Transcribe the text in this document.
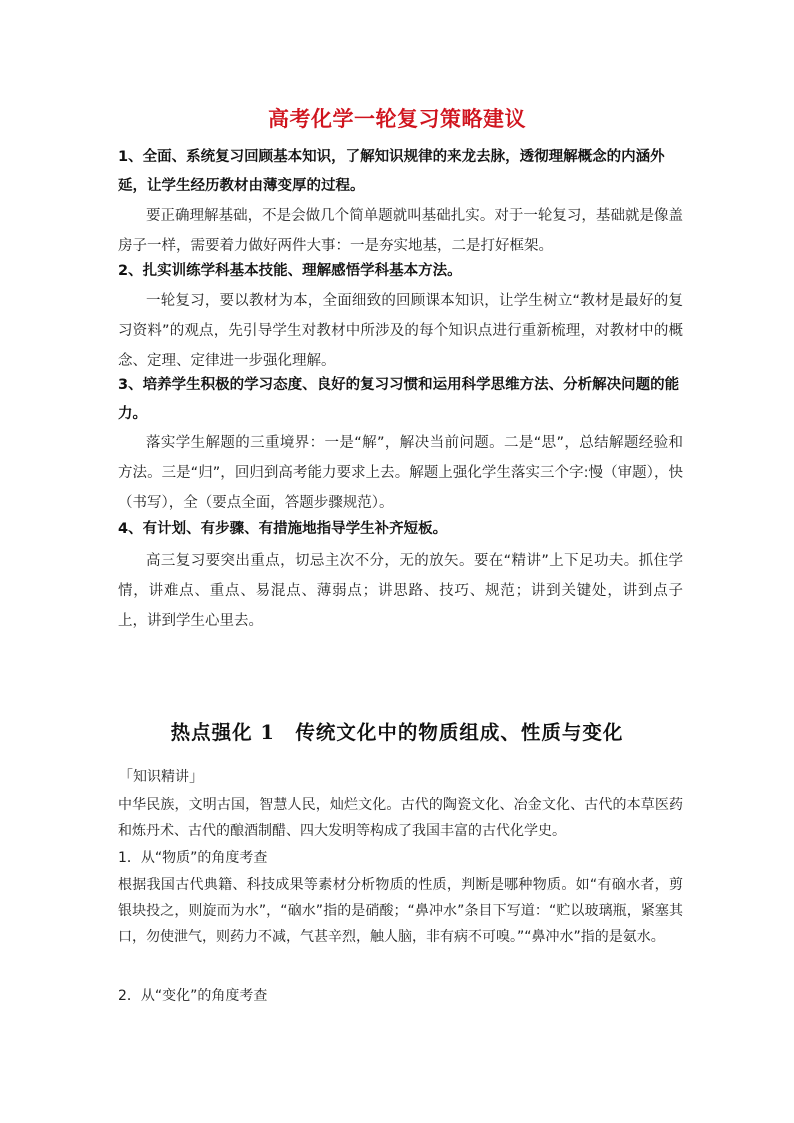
高考化学一轮复习策略建议
1、全面、系统复习回顾基本知识，了解知识规律的来龙去脉，透彻理解概念的内涵外延，让学生经历教材由薄变厚的过程。
要正确理解基础，不是会做几个简单题就叫基础扎实。对于一轮复习，基础就是像盖房子一样，需要着力做好两件大事：一是夯实地基，二是打好框架。
2、扎实训练学科基本技能、理解感悟学科基本方法。
一轮复习，要以教材为本，全面细致的回顾课本知识，让学生树立“教材是最好的复习资料”的观点，先引导学生对教材中所涉及的每个知识点进行重新梳理，对教材中的概念、定理、定律进一步强化理解。
3、培养学生积极的学习态度、良好的复习习惯和运用科学思维方法、分析解决问题的能力。
落实学生解题的三重境界：一是“解”，解决当前问题。二是“思”，总结解题经验和方法。三是“归”，回归到高考能力要求上去。解题上强化学生落实三个字:慢（审题），快（书写），全（要点全面，答题步骤规范）。
4、有计划、有步骤、有措施地指导学生补齐短板。
高三复习要突出重点，切忌主次不分，无的放矢。要在“精讲”上下足功夫。抓住学情，讲难点、重点、易混点、薄弱点；讲思路、技巧、规范；讲到关键处，讲到点子上，讲到学生心里去。
热点强化 1　传统文化中的物质组成、性质与变化
「知识精讲」
中华民族，文明古国，智慧人民，灿烂文化。古代的陶瓷文化、冶金文化、古代的本草医药和炼丹术、古代的酿酒制醋、四大发明等构成了我国丰富的古代化学史。
1．从“物质”的角度考查
根据我国古代典籍、科技成果等素材分析物质的性质，判断是哪种物质。如“有硇水者，剪银块投之，则旋而为水”，“硇水”指的是硝酸；“鼻冲水”条目下写道：“贮以玻璃瓶，紧塞其口，勿使泄气，则药力不减，气甚辛烈，触人脑，非有病不可嗅。”“鼻冲水”指的是氨水。
2．从“变化”的角度考查
